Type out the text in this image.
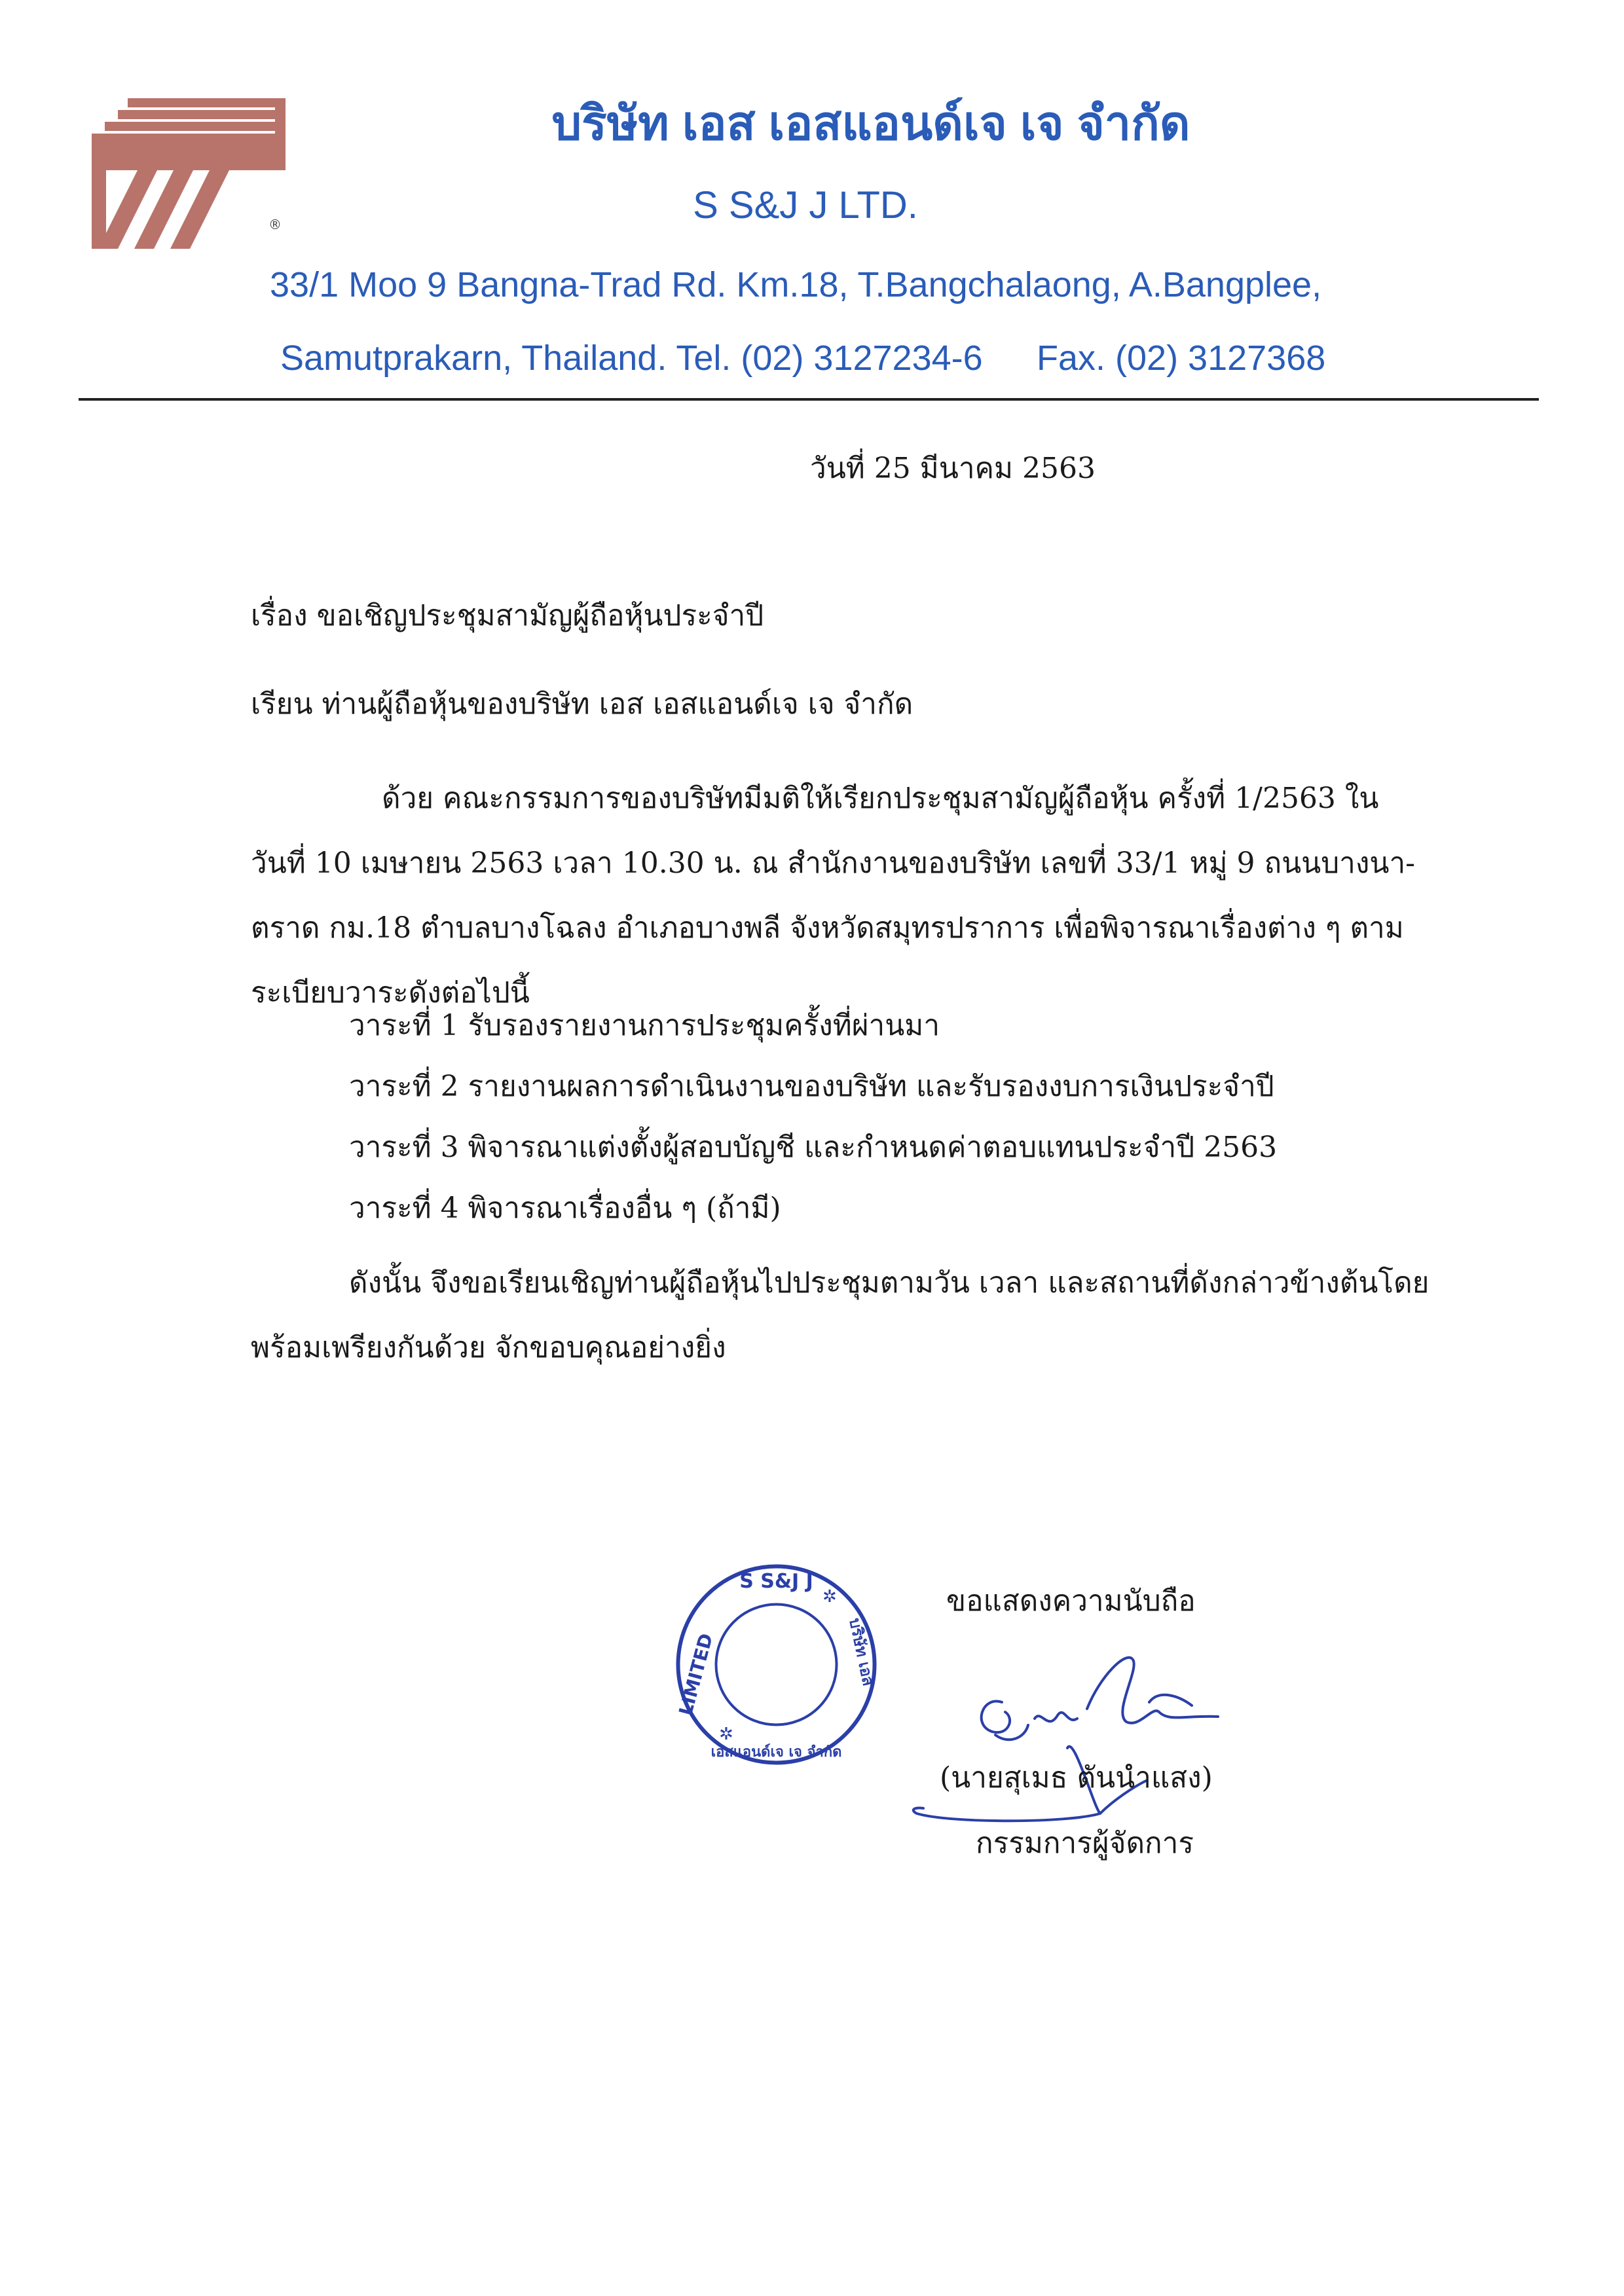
®
บริษัท เอส เอสแอนด์เจ เจ จำกัด
S S&J J LTD.
33/1 Moo 9 Bangna-Trad Rd. Km.18, T.Bangchalaong, A.Bangplee,
Samutprakarn, Thailand. Tel. (02) 3127234-6 Fax. (02) 3127368
วันที่ 25 มีนาคม 2563
เรื่อง ขอเชิญประชุมสามัญผู้ถือหุ้นประจำปี
เรียน ท่านผู้ถือหุ้นของบริษัท เอส เอสแอนด์เจ เจ จำกัด
ด้วย คณะกรรมการของบริษัทมีมติให้เรียกประชุมสามัญผู้ถือหุ้น ครั้งที่ 1/2563 ใน
วันที่ 10 เมษายน 2563 เวลา 10.30 น. ณ สำนักงานของบริษัท เลขที่ 33/1 หมู่ 9 ถนนบางนา-
ตราด กม.18 ตำบลบางโฉลง อำเภอบางพลี จังหวัดสมุทรปราการ เพื่อพิจารณาเรื่องต่าง ๆ ตาม
ระเบียบวาระดังต่อไปนี้
วาระที่ 1 รับรองรายงานการประชุมครั้งที่ผ่านมา
วาระที่ 2 รายงานผลการดำเนินงานของบริษัท และรับรองงบการเงินประจำปี
วาระที่ 3 พิจารณาแต่งตั้งผู้สอบบัญชี และกำหนดค่าตอบแทนประจำปี 2563
วาระที่ 4 พิจารณาเรื่องอื่น ๆ (ถ้ามี)
ดังนั้น จึงขอเรียนเชิญท่านผู้ถือหุ้นไปประชุมตามวัน เวลา และสถานที่ดังกล่าวข้างต้นโดย
พร้อมเพรียงกันด้วย จักขอบคุณอย่างยิ่ง
S S&J J
LIMITED	บริษัท เอส
เอสแอนด์เจ เจ จำกัด
✲
✲
ขอแสดงความนับถือ
(นายสุเมธ ตันนำแสง)
กรรมการผู้จัดการ
